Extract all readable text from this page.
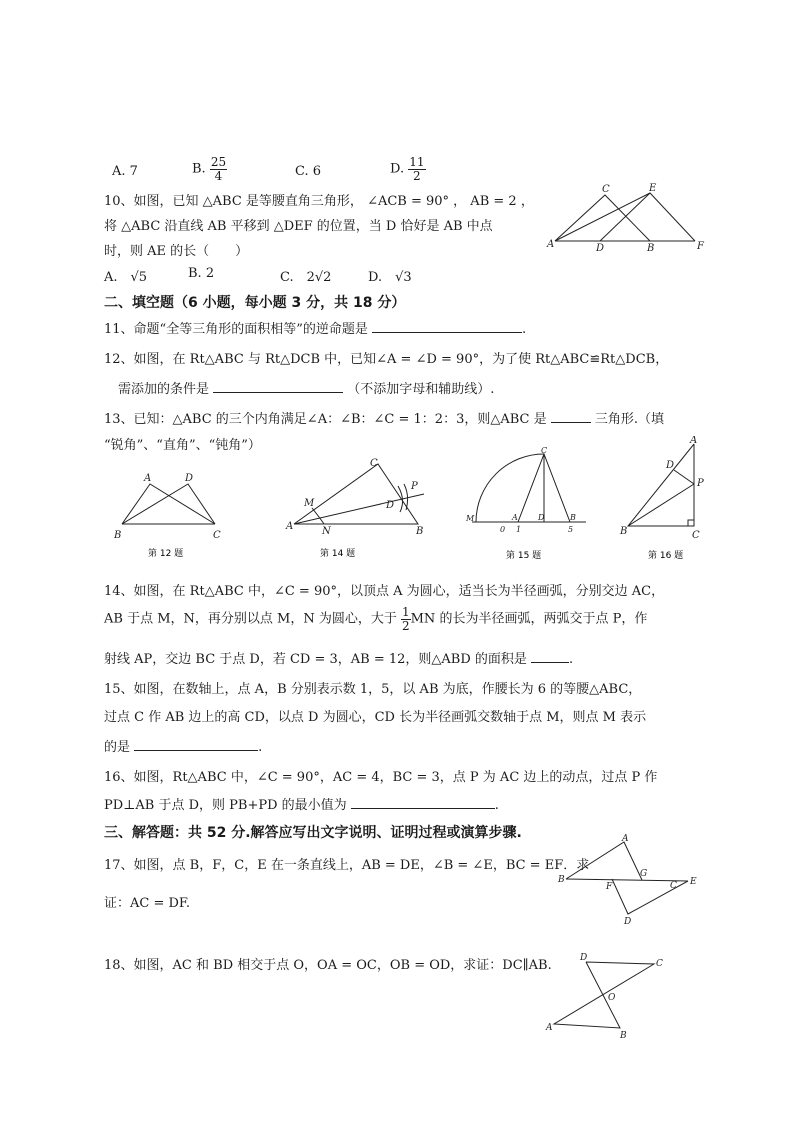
A. 7	B. $\frac{25}{4}$	C. 6	D. $\frac{11}{2}$
10、如图，已知 △ABC 是等腰直角三角形， ∠ACB = 90° ， AB = 2 ，
将 △ABC 沿直线 AB 平移到 △DEF 的位置，当 D 恰好是 AB 中点
时，则 AE 的长（　　）
A.　√5	B. 2	C.　2√2	D.　√3
C	E
A	D	B	F
二、填空题（6 小题，每小题 3 分，共 18 分）
11、命题“全等三角形的面积相等”的逆命题是	.
12、如图，在 Rt△ABC 与 Rt△DCB 中，已知∠A = ∠D = 90°，为了使 Rt△ABC≌Rt△DCB，
需添加的条件是	（不添加字母和辅助线）.
13、已知：△ABC 的三个内角满足∠A：∠B：∠C = 1：2：3，则△ABC 是	三角形.（填
“锐角”、“直角”、“钝角”）
A	D
B	C
第 12 题
C
M
P
D
A	N	B
第 14 题
C
M
0
A
1
D	B
5
第 15 题
A
D
P
B	C
第 16 题
14、如图，在 Rt△ABC 中，∠C = 90°，以顶点 A 为圆心，适当长为半径画弧，分别交边 AC，
AB 于点 M，N，再分别以点 M，N 为圆心，大于 $\frac{1}{2}$ MN 的长为半径画弧，两弧交于点 P，作
射线 AP，交边 BC 于点 D，若 CD = 3，AB = 12，则△ABD 的面积是	.
15、如图，在数轴上，点 A，B 分别表示数 1，5，以 AB 为底，作腰长为 6 的等腰△ABC，
过点 C 作 AB 边上的高 CD，以点 D 为圆心，CD 长为半径画弧交数轴于点 M，则点 M 表示
的是	.
16、如图，Rt△ABC 中，∠C = 90°，AC = 4，BC = 3，点 P 为 AC 边上的动点，过点 P 作
PD⊥AB 于点 D，则 PB+PD 的最小值为	.
三、解答题：共 52 分.解答应写出文字说明、证明过程或演算步骤.
17、如图，点 B，F，C，E 在一条直线上，AB = DE，∠B = ∠E，BC = EF．求
证：AC = DF.
A
B
F
G
C E
D
18、如图，AC 和 BD 相交于点 O，OA = OC，OB = OD，求证：DC∥AB.	D
C
O
A
B
